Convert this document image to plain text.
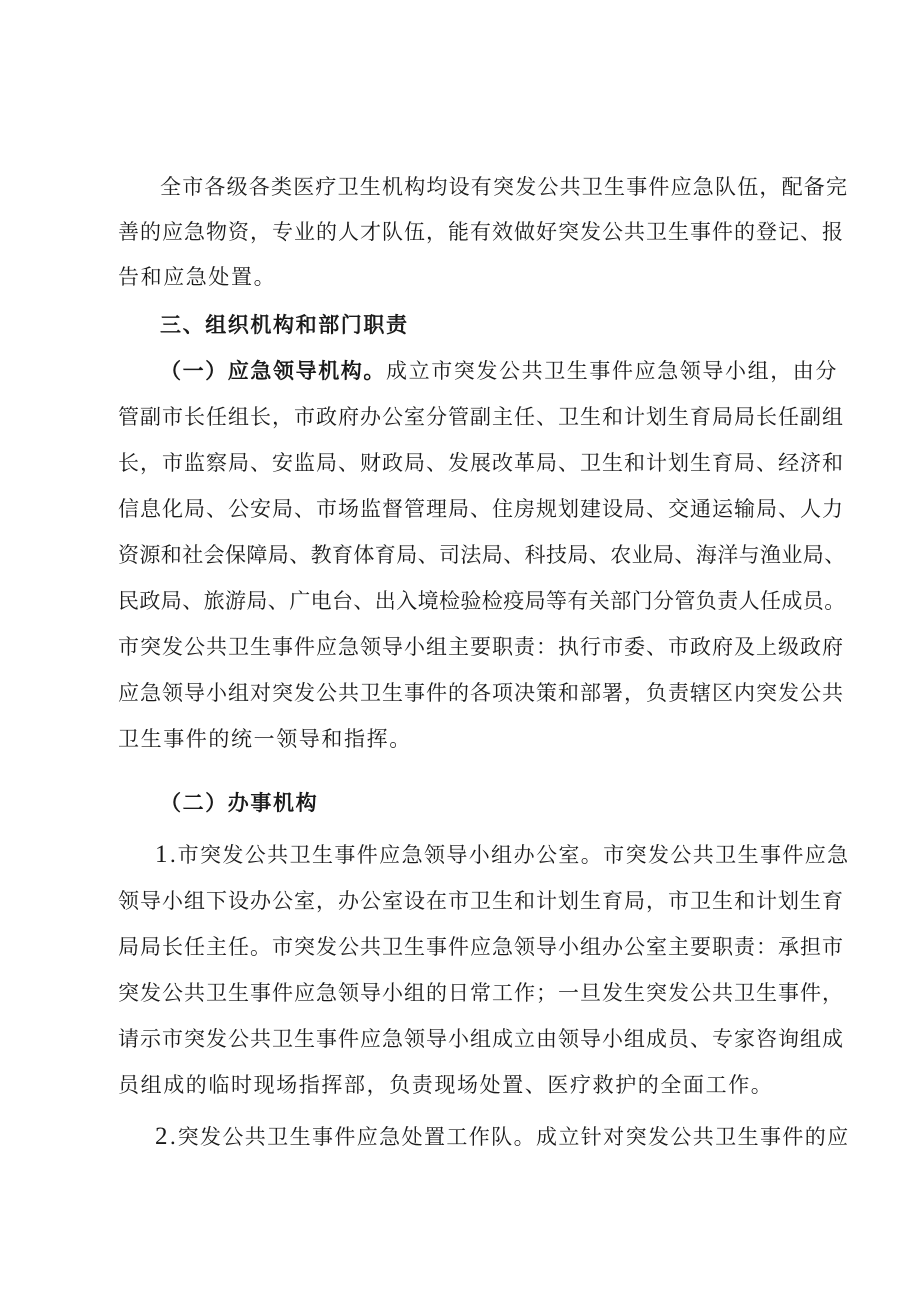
全市各级各类医疗卫生机构均设有突发公共卫生事件应急队伍，配备完
善的应急物资，专业的人才队伍，能有效做好突发公共卫生事件的登记、报
告和应急处置。
三、组织机构和部门职责
（一）应急领导机构。成立市突发公共卫生事件应急领导小组，由分
管副市长任组长，市政府办公室分管副主任、卫生和计划生育局局长任副组
长，市监察局、安监局、财政局、发展改革局、卫生和计划生育局、经济和
信息化局、公安局、市场监督管理局、住房规划建设局、交通运输局、人力
资源和社会保障局、教育体育局、司法局、科技局、农业局、海洋与渔业局、
民政局、旅游局、广电台、出入境检验检疫局等有关部门分管负责人任成员。
市突发公共卫生事件应急领导小组主要职责：执行市委、市政府及上级政府
应急领导小组对突发公共卫生事件的各项决策和部署，负责辖区内突发公共
卫生事件的统一领导和指挥。
（二）办事机构
1.市突发公共卫生事件应急领导小组办公室。市突发公共卫生事件应急
领导小组下设办公室，办公室设在市卫生和计划生育局，市卫生和计划生育
局局长任主任。市突发公共卫生事件应急领导小组办公室主要职责：承担市
突发公共卫生事件应急领导小组的日常工作；一旦发生突发公共卫生事件，
请示市突发公共卫生事件应急领导小组成立由领导小组成员、专家咨询组成
员组成的临时现场指挥部，负责现场处置、医疗救护的全面工作。
2.突发公共卫生事件应急处置工作队。成立针对突发公共卫生事件的应
